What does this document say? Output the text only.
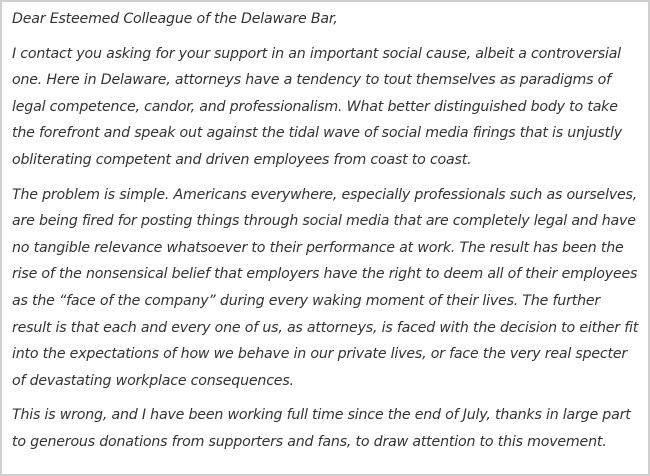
Dear Esteemed Colleague of the Delaware Bar,

I contact you asking for your support in an important social cause, albeit a controversial one. Here in Delaware, attorneys have a tendency to tout themselves as paradigms of legal competence, candor, and professionalism. What better distinguished body to take the forefront and speak out against the tidal wave of social media firings that is unjustly obliterating competent and driven employees from coast to coast.

The problem is simple. Americans everywhere, especially professionals such as ourselves, are being fired for posting things through social media that are completely legal and have no tangible relevance whatsoever to their performance at work. The result has been the rise of the nonsensical belief that employers have the right to deem all of their employees as the “face of the company” during every waking moment of their lives. The further result is that each and every one of us, as attorneys, is faced with the decision to either fit into the expectations of how we behave in our private lives, or face the very real specter of devastating workplace consequences.

This is wrong, and I have been working full time since the end of July, thanks in large part to generous donations from supporters and fans, to draw attention to this movement.
